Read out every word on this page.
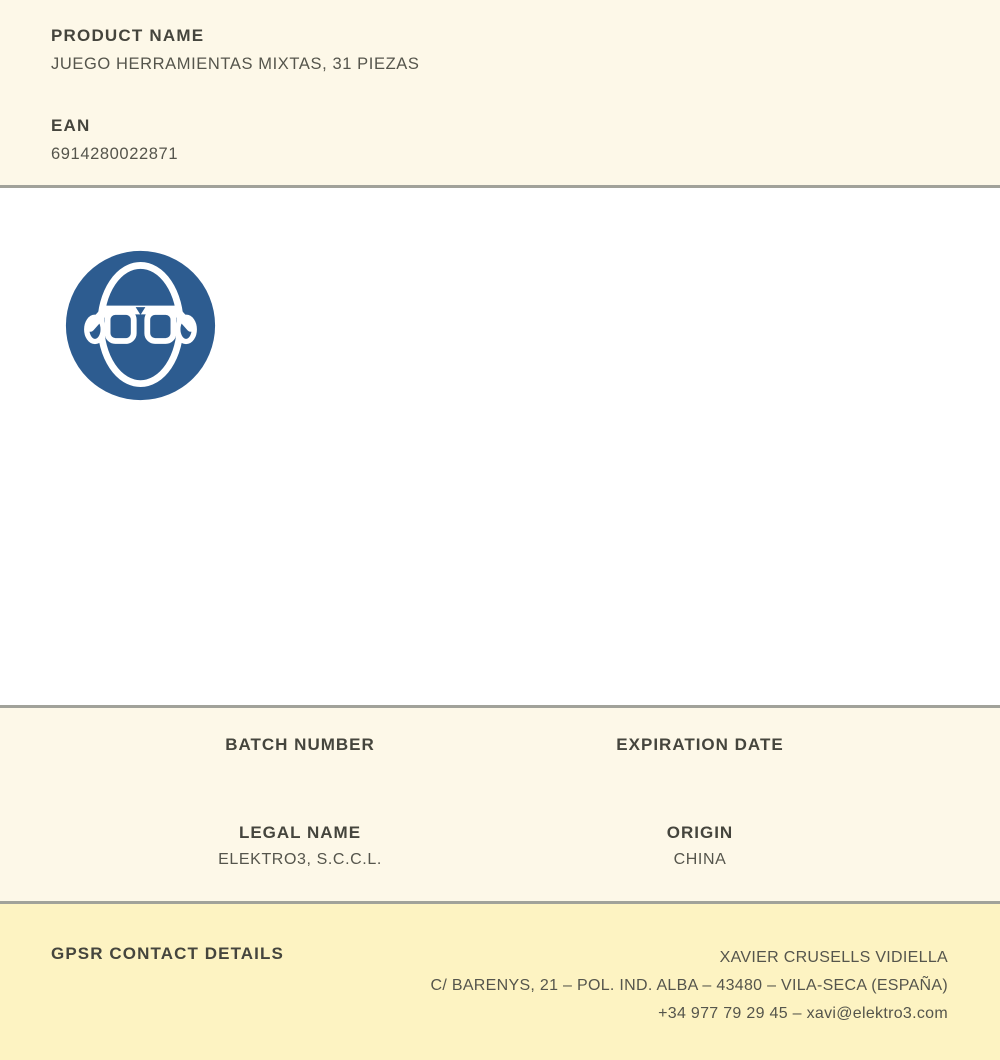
PRODUCT NAME
JUEGO HERRAMIENTAS MIXTAS, 31 PIEZAS
EAN
6914280022871
BATCH NUMBER	EXPIRATION DATE
LEGAL NAME
ELEKTRO3, S.C.C.L.
ORIGIN
CHINA
GPSR CONTACT DETAILS	XAVIER CRUSELLS VIDIELLA
C/ BARENYS, 21 – POL. IND. ALBA – 43480 – VILA-SECA (ESPAÑA)
+34 977 79 29 45 – xavi@elektro3.com
